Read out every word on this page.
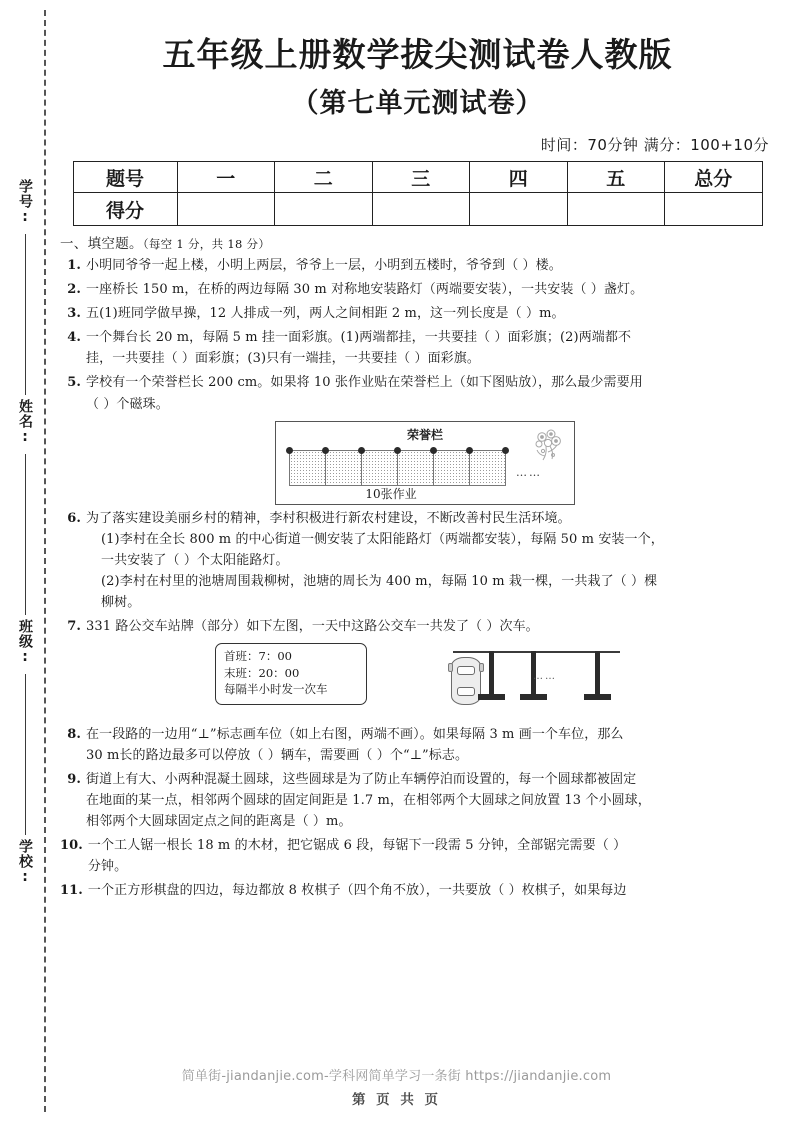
学号:
姓名:
班级:
学校:
五年级上册数学拔尖测试卷人教版
（第七单元测试卷）
时间：70分钟 满分：100+10分
题号	一	二	三	四	五	总分
得分						
一、填空题。（每空 1 分，共 18 分）
1. 小明同爷爷一起上楼，小明上两层，爷爷上一层，小明到五楼时，爷爷到（ ）楼。
2. 一座桥长 150 m，在桥的两边每隔 30 m 对称地安装路灯（两端要安装），一共安装（ ）盏灯。
3. 五(1)班同学做早操，12 人排成一列，两人之间相距 2 m，这一列长度是（ ）m。
4. 一个舞台长 20 m，每隔 5 m 挂一面彩旗。(1)两端都挂，一共要挂（ ）面彩旗；(2)两端都不
挂，一共要挂（ ）面彩旗；(3)只有一端挂，一共要挂（ ）面彩旗。
5. 学校有一个荣誉栏长 200 cm。如果将 10 张作业贴在荣誉栏上（如下图贴放），那么最少需要用
（ ）个磁珠。
荣誉栏
……
10张作业
6. 为了落实建设美丽乡村的精神，李村积极进行新农村建设，不断改善村民生活环境。
(1)李村在全长 800 m 的中心街道一侧安装了太阳能路灯（两端都安装），每隔 50 m 安装一个，
一共安装了（ ）个太阳能路灯。
(2)李村在村里的池塘周围栽柳树，池塘的周长为 400 m，每隔 10 m 栽一棵，一共栽了（ ）棵
柳树。
7. 331 路公交车站牌（部分）如下左图，一天中这路公交车一共发了（ ）次车。
首班：7：00
末班：20：00
每隔半小时发一次车
……
8. 在一段路的一边用“⊥”标志画车位（如上右图，两端不画）。如果每隔 3 m 画一个车位，那么
30 m长的路边最多可以停放（ ）辆车，需要画（ ）个“⊥”标志。
9. 街道上有大、小两种混凝土圆球，这些圆球是为了防止车辆停泊而设置的，每一个圆球都被固定
在地面的某一点，相邻两个圆球的固定间距是 1.7 m，在相邻两个大圆球之间放置 13 个小圆球，
相邻两个大圆球固定点之间的距离是（ ）m。
10. 一个工人锯一根长 18 m 的木材，把它锯成 6 段，每锯下一段需 5 分钟，全部锯完需要（ ）
分钟。
11. 一个正方形棋盘的四边，每边都放 8 枚棋子（四个角不放），一共要放（ ）枚棋子，如果每边
简单街-jiandanjie.com-学科网简单学习一条街 https://jiandanjie.com
第 页 共 页
